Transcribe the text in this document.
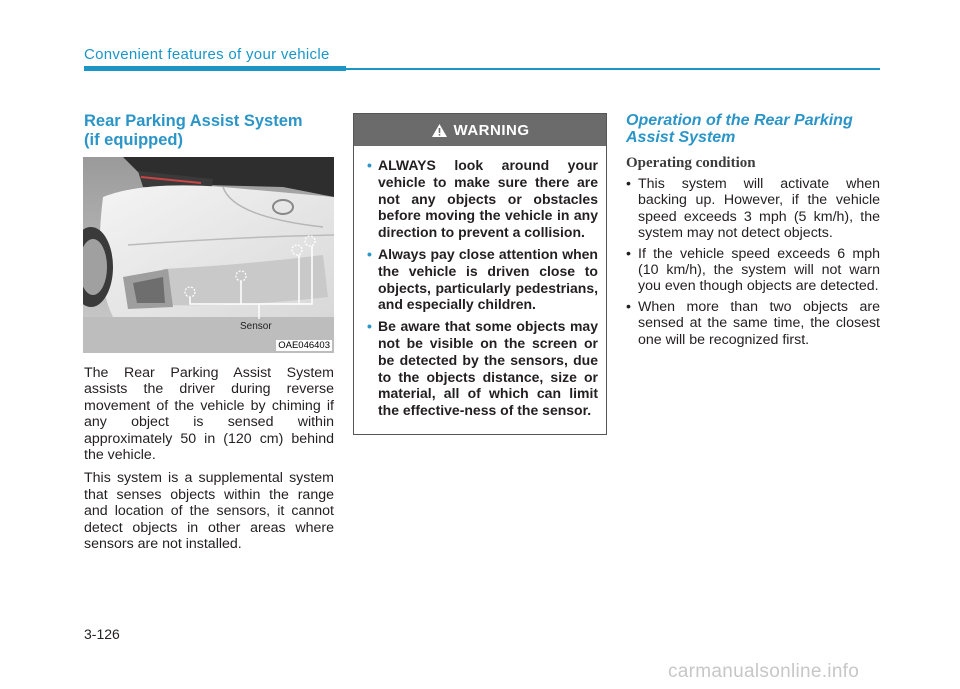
Convenient features of your vehicle

Rear Parking Assist System

(if equipped)

Sensor
OAE046403

The Rear Parking Assist System assists the driver during reverse movement of the vehicle by chiming if any object is sensed within approximately 50 in (120 cm) behind the vehicle.

This system is a supplemental system that senses objects within the range and location of the sensors, it cannot detect objects in other areas where sensors are not installed.

WARNING
• ALWAYS look around your vehicle to make sure there are not any objects or obstacles before moving the vehicle in any direction to prevent a collision.
• Always pay close attention when the vehicle is driven close to objects, particularly pedestrians, and especially children.
• Be aware that some objects may not be visible on the screen or be detected by the sensors, due to the objects distance, size or material, all of which can limit the effective-ness of the sensor.

Operation of the Rear Parking

Assist System

Operating condition

• This system will activate when backing up. However, if the vehicle speed exceeds 3 mph (5 km/h), the system may not detect objects.
• If the vehicle speed exceeds 6 mph (10 km/h), the system will not warn you even though objects are detected.
• When more than two objects are sensed at the same time, the closest one will be recognized first.
3-126
carmanualsonline.info
